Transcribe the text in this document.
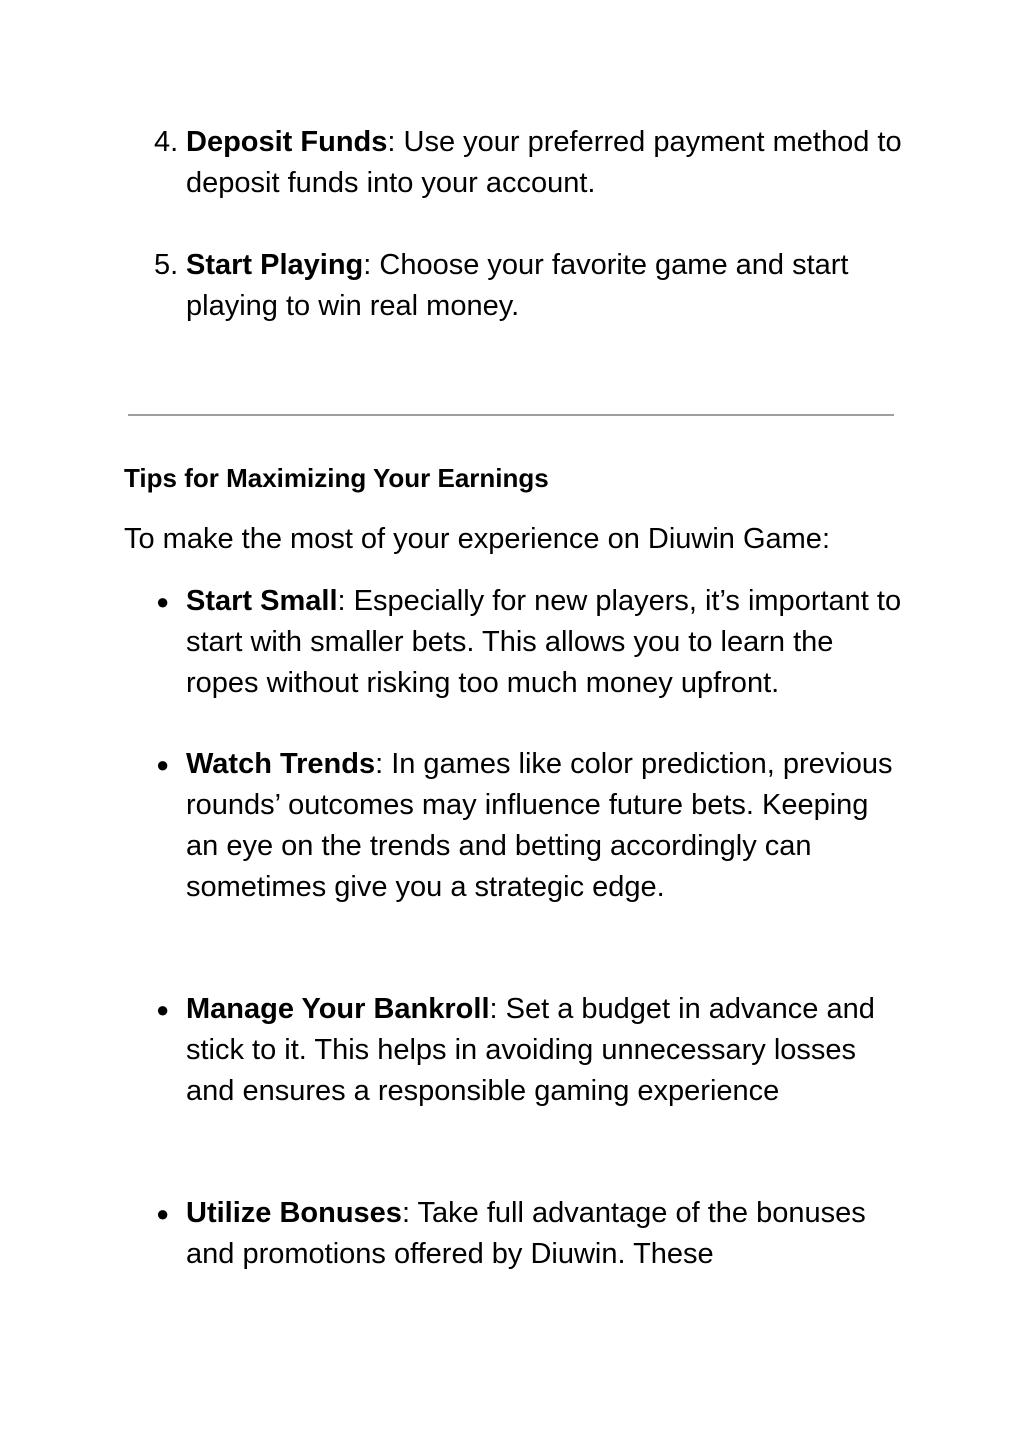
4. Deposit Funds: Use your preferred payment method to deposit funds into your account.
5. Start Playing: Choose your favorite game and start playing to win real money.
Tips for Maximizing Your Earnings

To make the most of your experience on Diuwin Game:

● Start Small: Especially for new players, it’s important to start with smaller bets. This allows you to learn the ropes without risking too much money upfront.
● Watch Trends: In games like color prediction, previous rounds’ outcomes may influence future bets. Keeping an eye on the trends and betting accordingly can sometimes give you a strategic edge.
● Manage Your Bankroll: Set a budget in advance and stick to it. This helps in avoiding unnecessary losses and ensures a responsible gaming experience
● Utilize Bonuses: Take full advantage of the bonuses and promotions offered by Diuwin. These
